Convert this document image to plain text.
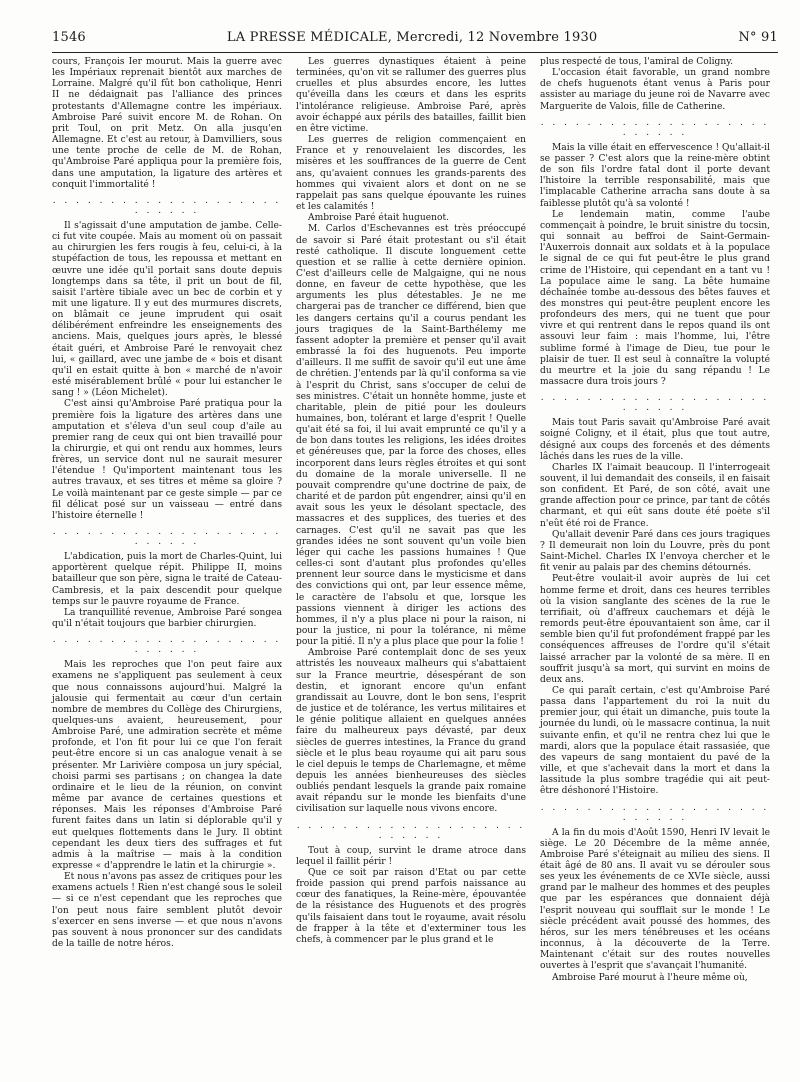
1546	LA PRESSE MÉDICALE, Mercredi, 12 Novembre 1930	N° 91

cours, François Ier mourut. Mais la guerre avec les Impériaux reprenait bientôt aux marches de Lorraine. Malgré qu'il fût bon catholique, Henri II ne dédaignait pas l'alliance des princes protestants d'Allemagne contre les impériaux. Ambroise Paré suivit encore M. de Rohan. On prit Toul, on prit Metz. On alla jusqu'en Allemagne. Et c'est au retour, à Damvilliers, sous une tente proche de celle de M. de Rohan, qu'Ambroise Paré appliqua pour la première fois, dans une amputation, la ligature des artères et conquit l'immortalité !

. . . . . . . . . . . . . . . . . . . . . . . . . .

Il s'agissait d'une amputation de jambe. Celle-ci fut vite coupée. Mais au moment où on passait au chirurgien les fers rougis à feu, celui-ci, à la stupéfaction de tous, les repoussa et mettant en œuvre une idée qu'il portait sans doute depuis longtemps dans sa tête, il prit un bout de fil, saisit l'artère tibiale avec un bec de corbin et y mit une ligature. Il y eut des murmures discrets, on blâmait ce jeune imprudent qui osait délibérément enfreindre les enseignements des anciens. Mais, quelques jours après, le blessé était guéri, et Ambroise Paré le renvoyait chez lui, « gaillard, avec une jambe de « bois et disant qu'il en estait quitte à bon « marché de n'avoir esté misérablement brûlé « pour lui estancher le sang ! » (Léon Michelet).

C'est ainsi qu'Ambroise Paré pratiqua pour la première fois la ligature des artères dans une amputation et s'éleva d'un seul coup d'aile au premier rang de ceux qui ont bien travaillé pour la chirurgie, et qui ont rendu aux hommes, leurs frères, un service dont nul ne saurait mesurer l'étendue ! Qu'importent maintenant tous les autres travaux, et ses titres et même sa gloire ? Le voilà maintenant par ce geste simple — par ce fil délicat posé sur un vaisseau — entré dans l'histoire éternelle !

. . . . . . . . . . . . . . . . . . . . . . . . . .

L'abdication, puis la mort de Charles-Quint, lui apportèrent quelque répit. Philippe II, moins batailleur que son père, signa le traité de Cateau-Cambresis, et la paix descendit pour quelque temps sur le pauvre royaume de France.

La tranquillité revenue, Ambroise Paré songea qu'il n'était toujours que barbier chirurgien.

. . . . . . . . . . . . . . . . . . . . . . . . . .

Mais les reproches que l'on peut faire aux examens ne s'appliquent pas seulement à ceux que nous connaissons aujourd'hui. Malgré la jalousie qui fermentait au cœur d'un certain nombre de membres du Collège des Chirurgiens, quelques-uns avaient, heureusement, pour Ambroise Paré, une admiration secrète et même profonde, et l'on fit pour lui ce que l'on ferait peut-être encore si un cas analogue venait à se présenter. Mr Larivière composa un jury spécial, choisi parmi ses partisans ; on changea la date ordinaire et le lieu de la réunion, on convint même par avance de certaines questions et réponses. Mais les réponses d'Ambroise Paré furent faites dans un latin si déplorable qu'il y eut quelques flottements dans le Jury. Il obtint cependant les deux tiers des suffrages et fut admis à la maîtrise — mais à la condition expresse « d'apprendre le latin et la chirurgie ».

Et nous n'avons pas assez de critiques pour les examens actuels ! Rien n'est changé sous le soleil — si ce n'est cependant que les reproches que l'on peut nous faire semblent plutôt devoir s'exercer en sens inverse — et que nous n'avons pas souvent à nous prononcer sur des candidats de la taille de notre héros.

Les guerres dynastiques étaient à peine terminées, qu'on vit se rallumer des guerres plus cruelles et plus absurdes encore, les luttes qu'éveilla dans les cœurs et dans les esprits l'intolérance religieuse. Ambroise Paré, après avoir échappé aux périls des batailles, faillit bien en être victime.

Les guerres de religion commençaient en France et y renouvelaient les discordes, les misères et les souffrances de la guerre de Cent ans, qu'avaient connues les grands-parents des hommes qui vivaient alors et dont on ne se rappelait pas sans quelque épouvante les ruines et les calamités !

Ambroise Paré était huguenot.

M. Carlos d'Eschevannes est très préoccupé de savoir si Paré était protestant ou s'il était resté catholique. Il discute longuement cette question et se rallie à cette dernière opinion. C'est d'ailleurs celle de Malgaigne, qui ne nous donne, en faveur de cette hypothèse, que les arguments les plus détestables. Je ne me chargerai pas de trancher ce différend, bien que les dangers certains qu'il a courus pendant les jours tragiques de la Saint-Barthélemy me fassent adopter la première et penser qu'il avait embrassé la foi des huguenots. Peu importe d'ailleurs. Il me suffit de savoir qu'il eut une âme de chrétien. J'entends par là qu'il conforma sa vie à l'esprit du Christ, sans s'occuper de celui de ses ministres. C'était un honnête homme, juste et charitable, plein de pitié pour les douleurs humaines, bon, tolérant et large d'esprit ! Quelle qu'ait été sa foi, il lui avait emprunté ce qu'il y a de bon dans toutes les religions, les idées droites et généreuses que, par la force des choses, elles incorporent dans leurs règles étroites et qui sont du domaine de la morale universelle. Il ne pouvait comprendre qu'une doctrine de paix, de charité et de pardon pût engendrer, ainsi qu'il en avait sous les yeux le désolant spectacle, des massacres et des supplices, des tueries et des carnages. C'est qu'il ne savait pas que les grandes idées ne sont souvent qu'un voile bien léger qui cache les passions humaines ! Que celles-ci sont d'autant plus profondes qu'elles prennent leur source dans le mysticisme et dans des convictions qui ont, par leur essence même, le caractère de l'absolu et que, lorsque les passions viennent à diriger les actions des hommes, il n'y a plus place ni pour la raison, ni pour la justice, ni pour la tolérance, ni même pour la pitié. Il n'y a plus place que pour la folie !

Ambroise Paré contemplait donc de ses yeux attristés les nouveaux malheurs qui s'abattaient sur la France meurtrie, désespérant de son destin, et ignorant encore qu'un enfant grandissait au Louvre, dont le bon sens, l'esprit de justice et de tolérance, les vertus militaires et le génie politique allaient en quelques années faire du malheureux pays dévasté, par deux siècles de guerres intestines, la France du grand siècle et le plus beau royaume qui ait paru sous le ciel depuis le temps de Charlemagne, et même depuis les années bienheureuses des siècles oubliés pendant lesquels la grande paix romaine avait répandu sur le monde les bienfaits d'une civilisation sur laquelle nous vivons encore.

. . . . . . . . . . . . . . . . . . . . . . . . . .

Tout à coup, survint le drame atroce dans lequel il faillit périr !

Que ce soit par raison d'Etat ou par cette froide passion qui prend parfois naissance au cœur des fanatiques, la Reine-mère, épouvantée de la résistance des Huguenots et des progrès qu'ils faisaient dans tout le royaume, avait résolu de frapper à la tête et d'exterminer tous les chefs, à commencer par le plus grand et le

plus respecté de tous, l'amiral de Coligny.

L'occasion était favorable, un grand nombre de chefs huguenots étant venus à Paris pour assister au mariage du jeune roi de Navarre avec Marguerite de Valois, fille de Catherine.

. . . . . . . . . . . . . . . . . . . . . . . . . .

Mais la ville était en effervescence ! Qu'allait-il se passer ? C'est alors que la reine-mère obtint de son fils l'ordre fatal dont il porte devant l'histoire la terrible responsabilité, mais que l'implacable Catherine arracha sans doute à sa faiblesse plutôt qu'à sa volonté !

Le lendemain matin, comme l'aube commençait à poindre, le bruit sinistre du tocsin, qui sonnait au beffroi de Saint-Germain-l'Auxerrois donnait aux soldats et à la populace le signal de ce qui fut peut-être le plus grand crime de l'Histoire, qui cependant en a tant vu ! La populace aime le sang. La bête humaine déchaînée tombe au-dessous des bêtes fauves et des monstres qui peut-être peuplent encore les profondeurs des mers, qui ne tuent que pour vivre et qui rentrent dans le repos quand ils ont assouvi leur faim : mais l'homme, lui, l'être sublime formé à l'image de Dieu, tue pour le plaisir de tuer. Il est seul à connaître la volupté du meurtre et la joie du sang répandu ! Le massacre dura trois jours ?

. . . . . . . . . . . . . . . . . . . . . . . . . .

Mais tout Paris savait qu'Ambroise Paré avait soigné Coligny, et il était, plus que tout autre, désigné aux coups des forcenés et des déments lâchés dans les rues de la ville.

Charles IX l'aimait beaucoup. Il l'interrogeait souvent, il lui demandait des conseils, il en faisait son confident. Et Paré, de son côté, avait une grande affection pour ce prince, par tant de côtés charmant, et qui eût sans doute été poète s'il n'eût été roi de France.

Qu'allait devenir Paré dans ces jours tragiques ? Il demeurait non loin du Louvre, près du pont Saint-Michel. Charles IX l'envoya chercher et le fit venir au palais par des chemins détournés.

Peut-être voulait-il avoir auprès de lui cet homme ferme et droit, dans ces heures terribles où la vision sanglante des scènes de la rue le terrifiait, où d'affreux cauchemars et déjà le remords peut-être épouvantaient son âme, car il semble bien qu'il fut profondément frappé par les conséquences affreuses de l'ordre qu'il s'était laissé arracher par la volonté de sa mère. Il en souffrit jusqu'à sa mort, qui survint en moins de deux ans.

Ce qui paraît certain, c'est qu'Ambroise Paré passa dans l'appartement du roi la nuit du premier jour, qui était un dimanche, puis toute la journée du lundi, où le massacre continua, la nuit suivante enfin, et qu'il ne rentra chez lui que le mardi, alors que la populace était rassasiée, que des vapeurs de sang montaient du pavé de la ville, et que s'achevait dans la mort et dans la lassitude la plus sombre tragédie qui ait peut-être déshonoré l'Histoire.

. . . . . . . . . . . . . . . . . . . . . . . . . .

A la fin du mois d'Août 1590, Henri IV levait le siège. Le 20 Décembre de la même année, Ambroise Paré s'éteignait au milieu des siens. Il était âgé de 80 ans. Il avait vu se dérouler sous ses yeux les événements de ce XVIe siècle, aussi grand par le malheur des hommes et des peuples que par les espérances que donnaient déjà l'esprit nouveau qui soufflait sur le monde ! Le siècle précédent avait poussé des hommes, des héros, sur les mers ténébreuses et les océans inconnus, à la découverte de la Terre. Maintenant c'était sur des routes nouvelles ouvertes à l'esprit que s'avançait l'humanité.

Ambroise Paré mourut à l'heure même où,
